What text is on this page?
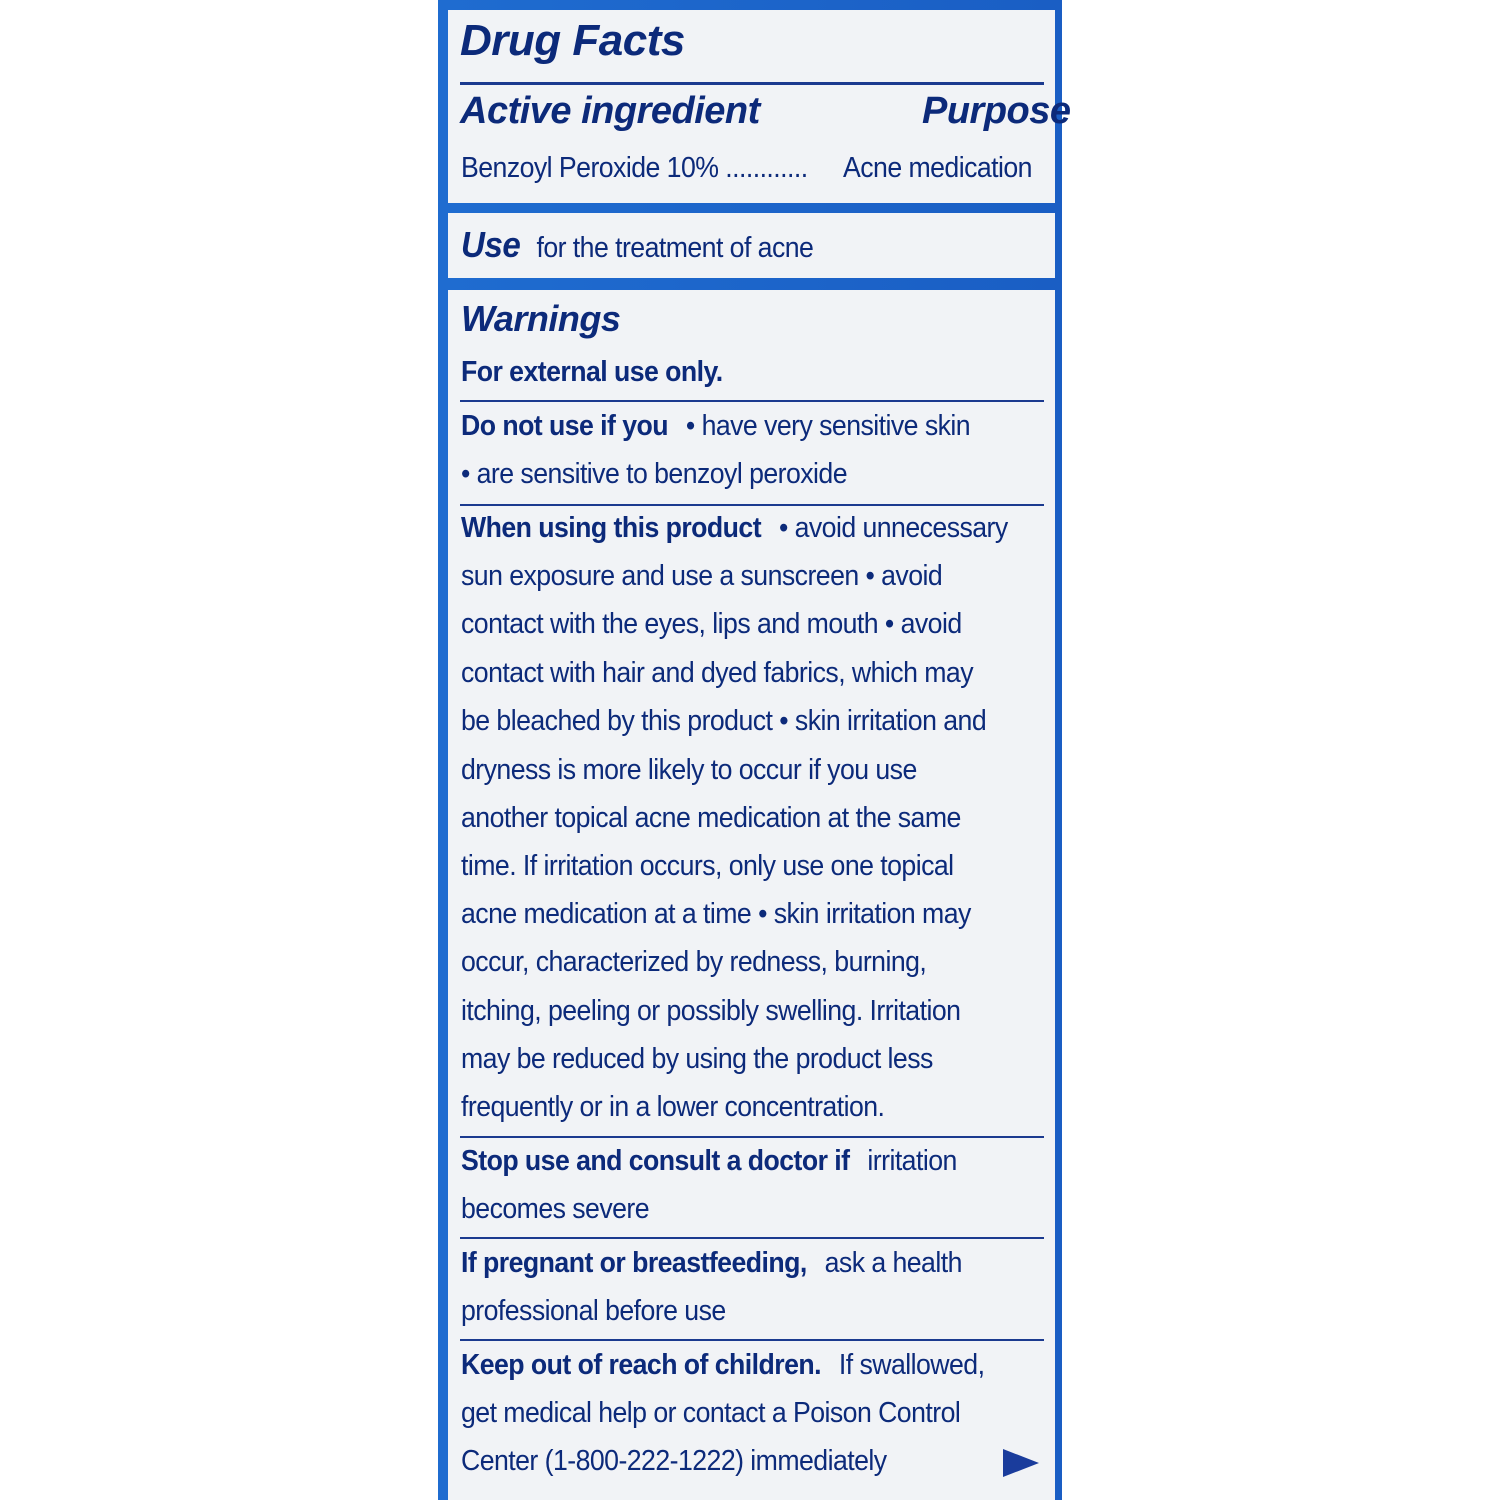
Drug Facts
Active ingredient	Purpose
Benzoyl Peroxide 10% ............ Acne medication
Use for the treatment of acne
Warnings
For external use only.
Do not use if you • have very sensitive skin
• are sensitive to benzoyl peroxide
When using this product • avoid unnecessary
sun exposure and use a sunscreen • avoid
contact with the eyes, lips and mouth • avoid
contact with hair and dyed fabrics, which may
be bleached by this product • skin irritation and
dryness is more likely to occur if you use
another topical acne medication at the same
time. If irritation occurs, only use one topical
acne medication at a time • skin irritation may
occur, characterized by redness, burning,
itching, peeling or possibly swelling. Irritation
may be reduced by using the product less
frequently or in a lower concentration.
Stop use and consult a doctor if irritation
becomes severe
If pregnant or breastfeeding, ask a health
professional before use
Keep out of reach of children. If swallowed,
get medical help or contact a Poison Control
Center (1-800-222-1222) immediately
